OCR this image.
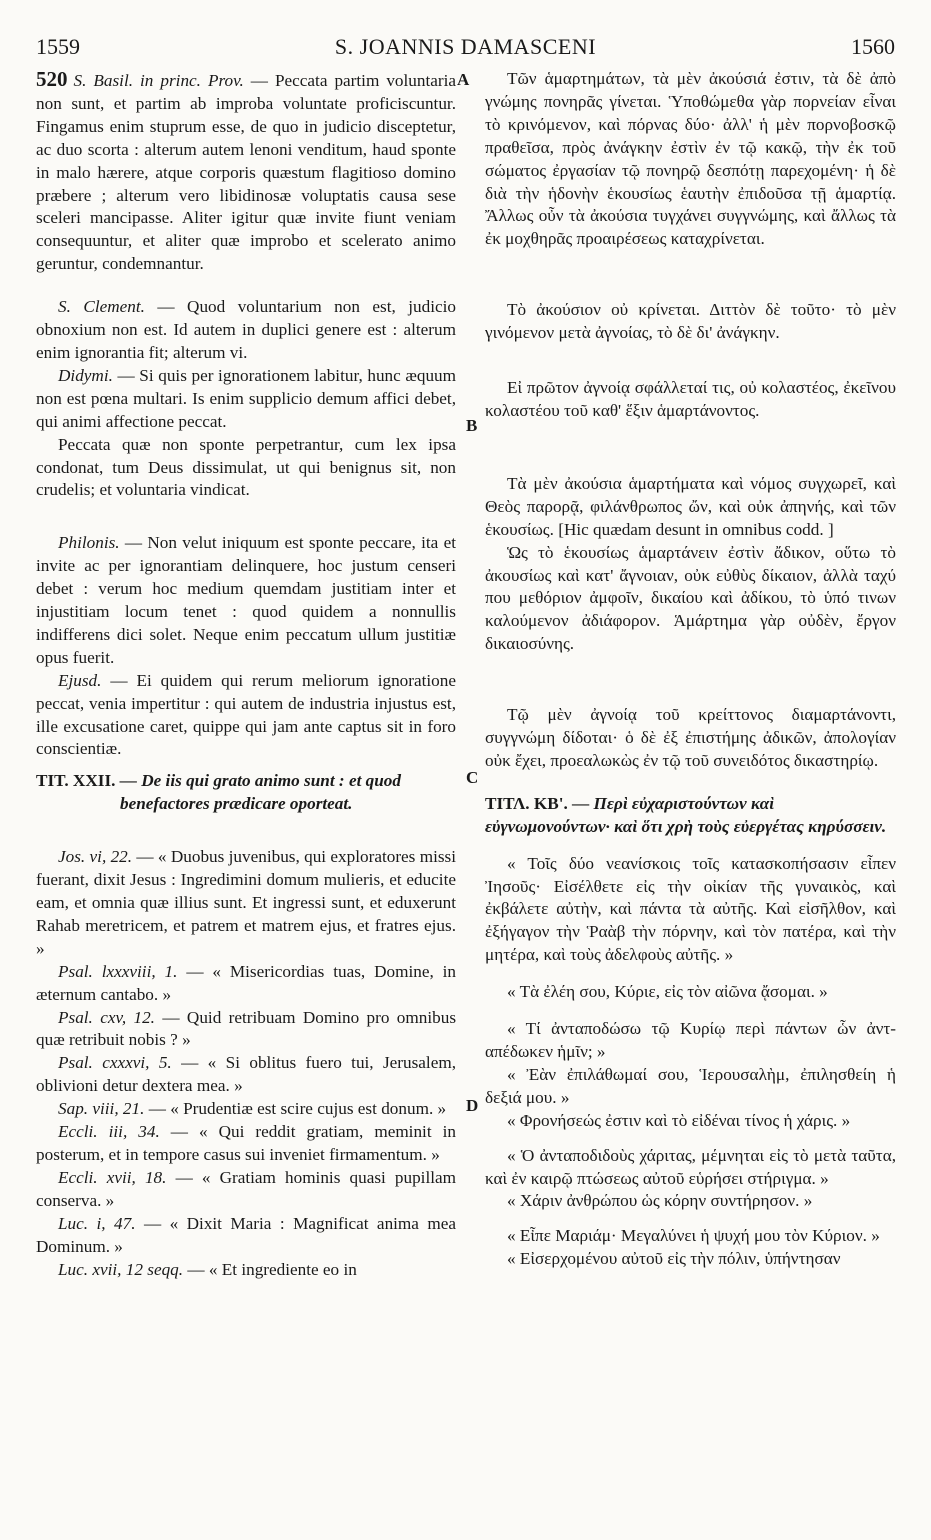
1559	S. JOANNIS DAMASCENI	1560
A
B
C
D

520 S. Basil. in princ. Prov. — Peccata partim voluntaria non sunt, et partim ab improba voluntate proficiscuntur. Fingamus enim stuprum esse, de quo in judicio disceptetur, ac duo scorta : alterum autem lenoni venditum, haud sponte in malo hærere, atque corporis quæstum flagitioso domino præbere ; alterum vero libidinosæ voluptatis causa sese sceleri mancipasse. Aliter igitur quæ invite fiunt veniam consequuntur, et aliter quæ improbo et scelerato animo geruntur, condemnantur.

S. Clement. — Quod voluntarium non est, judicio obnoxium non est. Id autem in duplici genere est : alterum enim ignorantia fit; alterum vi.

Didymi. — Si quis per ignorationem labitur, hunc æquum non est pœna multari. Is enim supplicio demum affici debet, qui animi affectione peccat.

Peccata quæ non sponte perpetrantur, cum lex ipsa condonat, tum Deus dissimulat, ut qui benignus sit, non crudelis; et voluntaria vindicat.

Philonis. — Non velut iniquum est sponte peccare, ita et invite ac per ignorantiam delinquere, hoc justum censeri debet : verum hoc medium quemdam justitiam inter et injustitiam locum tenet : quod quidem a nonnullis indifferens dici solet. Neque enim peccatum ullum justitiæ opus fuerit.

Ejusd. — Ei quidem qui rerum meliorum ignoratione peccat, venia impertitur : qui autem de industria injustus est, ille excusatione caret, quippe qui jam ante captus sit in foro conscientiæ.

TIT. XXII. — De iis qui grato animo sunt : et quod

benefactores prædicare oporteat.

Jos. vi, 22. — « Duobus juvenibus, qui exploratores missi fuerant, dixit Jesus : Ingredimini domum mulieris, et educite eam, et omnia quæ illius sunt. Et ingressi sunt, et eduxerunt Rahab meretricem, et patrem et matrem ejus, et fratres ejus. »

Psal. lxxxviii, 1. — « Misericordias tuas, Domine, in æternum cantabo. »

Psal. cxv, 12. — Quid retribuam Domino pro omnibus quæ retribuit nobis ? »

Psal. cxxxvi, 5. — « Si oblitus fuero tui, Jerusalem, oblivioni detur dextera mea. »

Sap. viii, 21. — « Prudentiæ est scire cujus est donum. »

Eccli. iii, 34. — « Qui reddit gratiam, meminit in posterum, et in tempore casus sui inveniet firmamentum. »

Eccli. xvii, 18. — « Gratiam hominis quasi pupillam conserva. »

Luc. i, 47. — « Dixit Maria : Magnificat anima mea Dominum. »

Luc. xvii, 12 seqq. — « Et ingrediente eo in

Τῶν ἁμαρτημάτων, τὰ μὲν ἀκούσιά ἐστιν, τὰ δὲ ἀπὸ γνώμης πονηρᾶς γίνεται. Ὑποθώμεθα γὰρ πορνείαν εἶναι τὸ κρινόμενον, καὶ πόρνας δύο· ἀλλ' ἡ μὲν πορνοβοσκῷ πραθεῖσα, πρὸς ἀνάγκην ἐστὶν ἐν τῷ κακῷ, τὴν ἐκ τοῦ σώματος ἐργασίαν τῷ πονηρῷ δεσπότῃ παρεχομένη· ἡ δὲ διὰ τὴν ἡδονὴν ἑκουσίως ἑαυτὴν ἐπιδοῦσα τῇ ἁμαρτίᾳ. Ἄλλως οὖν τὰ ἀκούσια τυγχάνει συγγνώμης, καὶ ἄλλως τὰ ἐκ μοχθηρᾶς προαιρέσεως καταχρίνεται.

Τὸ ἀκούσιον οὐ κρίνεται. Διττὸν δὲ τοῦτο· τὸ μὲν γινόμενον μετὰ ἀγνοίας, τὸ δὲ δι' ἀνάγκην.

Εἰ πρῶτον ἀγνοίᾳ σφάλλεταί τις, οὐ κολαστέος, ἐκεῖνου κολαστέου τοῦ καθ' ἕξιν ἁμαρτάνοντος.

Τὰ μὲν ἀκούσια ἁμαρτήματα καὶ νόμος συγχωρεῖ, καὶ Θεὸς παρορᾷ, φιλάνθρωπος ὤν, καὶ οὐκ ἀπηνής, καὶ τῶν ἑκουσίως. [Hic quædam desunt in omnibus codd. ]

Ὡς τὸ ἑκουσίως ἁμαρτάνειν ἐστὶν ἄδικον, οὕτω τὸ ἀκουσίως καὶ κατ' ἄγνοιαν, οὐκ εὐθὺς δίκαιον, ἀλλὰ ταχύ που μεθόριον ἀμφοῖν, δικαίου καὶ ἀδίκου, τὸ ὑπό τινων καλούμενον ἀδιάφορον. Ἁμάρτημα γὰρ οὐδὲν, ἔργον δικαιοσύνης.

Τῷ μὲν ἀγνοίᾳ τοῦ κρείττονος διαμαρτάνοντι, συγγνώμη δίδοται· ὁ δὲ ἐξ ἐπιστήμης ἀδικῶν, ἀπολογίαν οὐκ ἔχει, προεαλωκὼς ἐν τῷ τοῦ συνειδότος δικαστηρίῳ.

ΤΙΤΛ. ΚΒ'. — Περὶ εὐχαριστούντων καὶ εὐγνωμονούντων· καὶ ὅτι χρὴ τοὺς εὐεργέτας κηρύσσειν.

« Τοῖς δύο νεανίσκοις τοῖς κατασκοπήσασιν εἶπεν Ἰησοῦς· Εἰσέλθετε εἰς τὴν οἰκίαν τῆς γυναικὸς, καὶ ἐκβάλετε αὐτὴν, καὶ πάντα τὰ αὐτῆς. Καὶ εἰσῆλθον, καὶ ἐξήγαγον τὴν Ῥαὰβ τὴν πόρνην, καὶ τὸν πατέρα, καὶ τὴν μητέρα, καὶ τοὺς ἀδελφοὺς αὐτῆς. »

« Τὰ ἐλέη σου, Κύριε, εἰς τὸν αἰῶνα ᾄσομαι. »

« Τί ἀνταποδώσω τῷ Κυρίῳ περὶ πάντων ὧν ἀντ-απέδωκεν ἡμῖν; »

« Ἐὰν ἐπιλάθωμαί σου, Ἱερουσαλὴμ, ἐπιλησθείη ἡ δεξιά μου. »

« Φρονήσεώς ἐστιν καὶ τὸ εἰδέναι τίνος ἡ χάρις. »

« Ὁ ἀνταποδιδοὺς χάριτας, μέμνηται εἰς τὸ μετὰ ταῦτα, καὶ ἐν καιρῷ πτώσεως αὐτοῦ εὑρήσει στήριγμα. »

« Χάριν ἀνθρώπου ὡς κόρην συντήρησον. »

« Εἶπε Μαριάμ· Μεγαλύνει ἡ ψυχή μου τὸν Κύριον. »

« Εἰσερχομένου αὐτοῦ εἰς τὴν πόλιν, ὑπήντησαν
